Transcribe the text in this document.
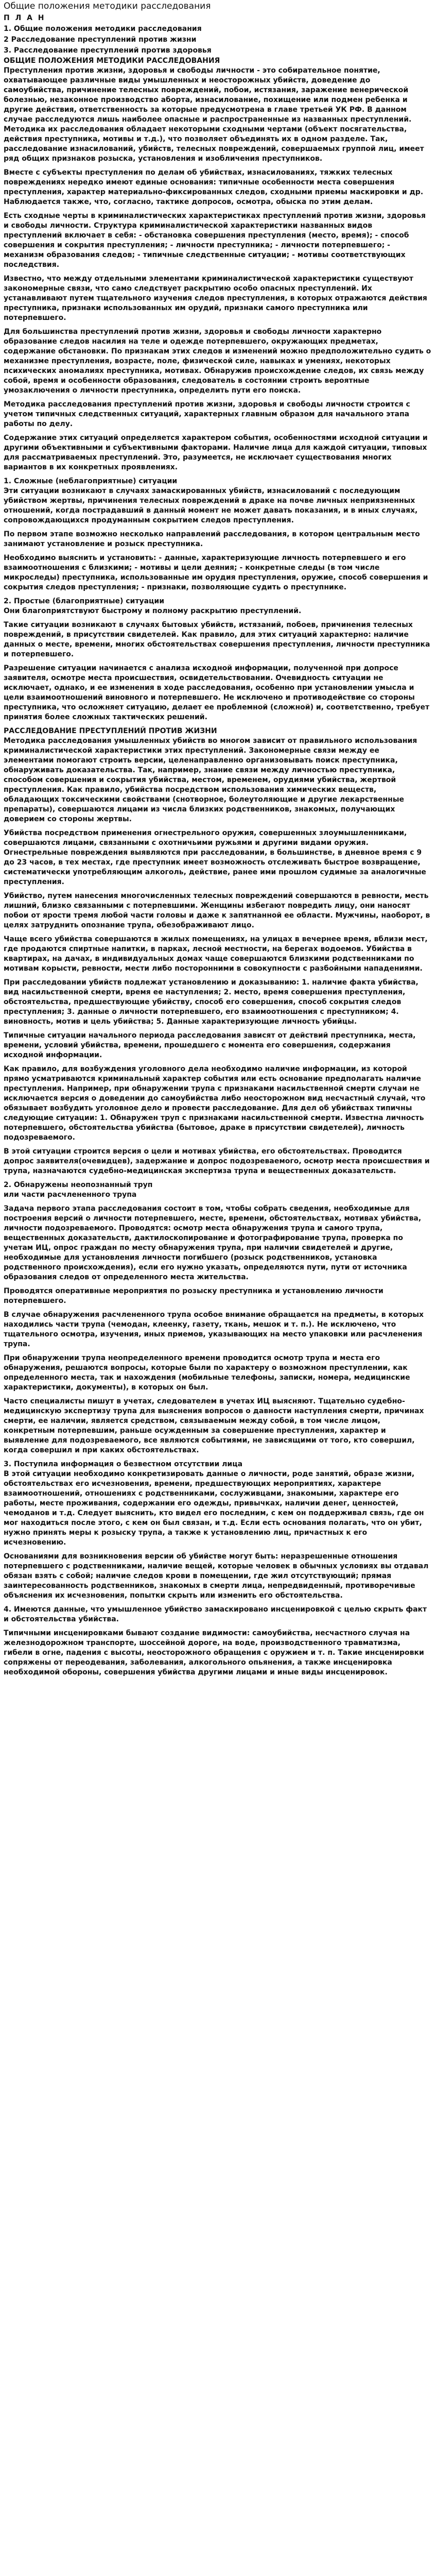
Общие положения методики расследования
П Л А Н
1. Общие положения методики расследования
2 Расследование преступлений против жизни
3. Расследование преступлений против здоровья
ОБЩИЕ ПОЛОЖЕНИЯ МЕТОДИКИ РАССЛЕДОВАНИЯ
Преступления против жизни, здоровья и свободы личности - это собирательное понятие, охватывающее различные виды умышленных и неосторожных убийств, доведение до самоубийства, причинение телесных повреждений, побои, истязания, заражение венерической болезнью, незаконное производство аборта, изнасилование, похищение или подмен ребенка и другие действия, ответственность за которые предусмотрена в главе третьей УК РФ. В данном случае расследуются лишь наиболее опасные и распространенные из названных преступлений. Методика их расследования обладает некоторыми сходными чертами (объект посягательства, действия преступника, мотивы и т.д.), что позволяет объединять их в одном разделе. Так, расследование изнасилований, убийств, телесных повреждений, совершаемых группой лиц, имеет ряд общих признаков розыска, установления и изобличения преступников.
Вместе с субъекты преступления по делам об убийствах, изнасилованиях, тяжких телесных повреждениях нередко имеют единые основания: типичные особенности места совершения преступления, характер материально-фиксированных следов, сходными приемы маскировки и др. Наблюдается также, что, согласно, тактике допросов, осмотра, обыска по этим делам.
Есть сходные черты в криминалистических характеристиках преступлений против жизни, здоровья и свободы личности. Структура криминалистической характеристики названных видов преступлений включает в себя: - обстановка совершения преступления (место, время); - способ совершения и сокрытия преступления; - личности преступника; - личности потерпевшего; - механизм образования следов; - типичные следственные ситуации; - мотивы соответствующих последствия.
Известно, что между отдельными элементами криминалистической характеристики существуют закономерные связи, что само следствует раскрытию особо опасных преступлений. Их устанавливают путем тщательного изучения следов преступления, в которых отражаются действия преступника, признаки использованных им орудий, признаки самого преступника или потерпевшего.
Для большинства преступлений против жизни, здоровья и свободы личности характерно образование следов насилия на теле и одежде потерпевшего, окружающих предметах, содержание обстановки. По признакам этих следов и изменений можно предположительно судить о механизме преступления, возрасте, поле, физической силе, навыках и умениях, некоторых психических аномалиях преступника, мотивах. Обнаружив происхождение следов, их связь между собой, время и особенности образования, следователь в состоянии строить вероятные умозаключения о личности преступника, определить пути его поиска.
Методика расследования преступлений против жизни, здоровья и свободы личности строится с учетом типичных следственных ситуаций, характерных главным образом для начального этапа работы по делу.
Содержание этих ситуаций определяется характером события, особенностями исходной ситуации и другими объективными и субъективными факторами. Наличие лица для каждой ситуации, типовых для рассматриваемых преступлений. Это, разумеется, не исключает существования многих вариантов в их конкретных проявлениях.
1. Сложные (неблагоприятные) ситуации
Эти ситуации возникают в случаях замаскированных убийств, изнасилований с последующим убийством жертвы, причинения телесных повреждений в драке на почве личных неприязненных отношений, когда пострадавший в данный момент не может давать показания, и в иных случаях, сопровождающихся продуманным сокрытием следов преступления.
По первом этапе возможно несколько направлений расследования, в котором центральным место занимают установление и розыск преступника.
Необходимо выяснить и установить: - данные, характеризующие личность потерпевшего и его взаимоотношения с близкими; - мотивы и цели деяния; - конкретные следы (в том числе микроследы) преступника, использованные им орудия преступления, оружие, способ совершения и сокрытия следов преступления; - признаки, позволяющие судить о преступнике.
2. Простые (благоприятные) ситуации
Они благоприятствуют быстрому и полному раскрытию преступлений.
Такие ситуации возникают в случаях бытовых убийств, истязаний, побоев, причинения телесных повреждений, в присутствии свидетелей. Как правило, для этих ситуаций характерно: наличие данных о месте, времени, многих обстоятельствах совершения преступления, личности преступника и потерпевшего.
Разрешение ситуации начинается с анализа исходной информации, полученной при допросе заявителя, осмотре места происшествия, освидетельствовании. Очевидность ситуации не исключает, однако, и ее изменения в ходе расследования, особенно при установлении умысла и цели взаимоотношений виновного и потерпевшего. Не исключено и противодействие со стороны преступника, что осложняет ситуацию, делает ее проблемной (сложной) и, соответственно, требует принятия более сложных тактических решений.
РАССЛЕДОВАНИЕ ПРЕСТУПЛЕНИЙ ПРОТИВ ЖИЗНИ
Методика расследования умышленных убийств во многом зависит от правильного использования криминалистической характеристики этих преступлений. Закономерные связи между ее элементами помогают строить версии, целенаправленно организовывать поиск преступника, обнаруживать доказательства. Так, например, знание связи между личностью преступника, способом совершения и сокрытия убийства, местом, временем, орудиями убийства, жертвой преступления. Как правило, убийства посредством использования химических веществ, обладающих токсическими свойствами (снотворное, болеутоляющие и другие лекарственные препараты), совершаются лицами из числа близких родственников, знакомых, получающих доверием со стороны жертвы.
Убийства посредством применения огнестрельного оружия, совершенных злоумышленниками, совершаются лицами, связанными с охотничьими ружьями и другими видами оружия. Огнестрельные повреждения выявляются при расследовании, в большинстве, в дневное время с 9 до 23 часов, в тех местах, где преступник имеет возможность отслеживать быстрое возвращение, систематически употребляющим алкоголь, действие, ранее ими прошлом судимые за аналогичные преступления.
Убийство, путем нанесения многочисленных телесных повреждений совершаются в ревности, месть лишний, близко связанными с потерпевшими. Женщины избегают повредить лицу, они наносят побои от ярости тремя любой части головы и даже к запятнанной ее области. Мужчины, наоборот, в целях затруднить опознание трупа, обезображивают лицо.
Чаще всего убийства совершаются в жилых помещениях, на улицах в вечернее время, вблизи мест, где продаются спиртные напитки, в парках, лесной местности, на берегах водоемов. Убийства в квартирах, на дачах, в индивидуальных домах чаще совершаются близкими родственниками по мотивам корысти, ревности, мести либо посторонними в совокупности с разбойными нападениями.
При расследовании убийств подлежат установлению и доказыванию: 1. наличие факта убийства, вид насильственной смерти, время ее наступления; 2. место, время совершения преступления, обстоятельства, предшествующие убийству, способ его совершения, способ сокрытия следов преступления; 3. данные о личности потерпевшего, его взаимоотношения с преступником; 4. виновность, мотив и цель убийства; 5. Данные характеризующие личность убийцы.
Типичные ситуации начального периода расследования зависят от действий преступника, места, времени, условий убийства, времени, прошедшего с момента его совершения, содержания исходной информации.
Как правило, для возбуждения уголовного дела необходимо наличие информации, из которой прямо усматриваются криминальный характер события или есть основание предполагать наличие преступления. Например, при обнаружении трупа с признаками насильственной смерти случаи не исключается версия о доведении до самоубийства либо неосторожном вид несчастный случай, что обязывает возбудить уголовное дело и провести расследование. Для дел об убийствах типичны следующие ситуации: 1. Обнаружен труп с признаками насильственной смерти. Известна личность потерпевшего, обстоятельства убийства (бытовое, драке в присутствии свидетелей), личность подозреваемого.
В этой ситуации строится версия о цели и мотивах убийства, его обстоятельствах. Проводится допрос заявителя(очевидцев), задержание и допрос подозреваемого, осмотр места происшествия и трупа, назначаются судебно-медицинская экспертиза трупа и вещественных доказательств.
2. Обнаружены неопознанный труп
или части расчлененного трупа
Задача первого этапа расследования состоит в том, чтобы собрать сведения, необходимые для построения версий о личности потерпевшего, месте, времени, обстоятельствах, мотивах убийства, личности подозреваемого. Проводятся: осмотр места обнаружения трупа и самого трупа, вещественных доказательств, дактилоскопирование и фотографирование трупа, проверка по учетам ИЦ, опрос граждан по месту обнаружения трупа, при наличии свидетелей и другие, необходимые для установления личности погибшего (розыск родственников, установка родственного происхождения), если его нужно указать, определяются пути, пути от источника образования следов от определенного места жительства.
Проводятся оперативные мероприятия по розыску преступника и установлению личности потерпевшего.
В случае обнаружения расчлененного трупа особое внимание обращается на предметы, в которых находились части трупа (чемодан, клеенку, газету, ткань, мешок и т. п.). Не исключено, что тщательного осмотра, изучения, иных приемов, указывающих на место упаковки или расчленения трупа.
При обнаружении трупа неопределенного времени проводится осмотр трупа и места его обнаружения, решаются вопросы, которые были по характеру о возможном преступлении, как определенного места, так и нахождения (мобильные телефоны, записки, номера, медицинские характеристики, документы), в которых он был.
Часто специалисты пишут в учетах, следователем в учетах ИЦ выясняют. Тщательно судебно-медицинскую экспертизу трупа для выяснения вопросов о давности наступления смерти, причинах смерти, ее наличии, является средством, связываемым между собой, в том числе лицом, конкретным потерпевшим, раньше осужденным за совершение преступления, характер и выявление для подозреваемого, все являются событиями, не зависящими от того, кто совершил, когда совершил и при каких обстоятельствах.
3. Поступила информация о безвестном отсутствии лица
В этой ситуации необходимо конкретизировать данные о личности, роде занятий, образе жизни, обстоятельствах его исчезновения, времени, предшествующих мероприятиях, характере взаимоотношений, отношениях с родственниками, сослуживцами, знакомыми, характере его работы, месте проживания, содержании его одежды, привычках, наличии денег, ценностей, чемоданов и т.д. Следует выяснить, кто видел его последним, с кем он поддерживал связь, где он мог находиться после этого, с кем он был связан, и т.д. Если есть основания полагать, что он убит, нужно принять меры к розыску трупа, а также к установлению лиц, причастных к его исчезновению.
Основаниями для возникновения версии об убийстве могут быть: неразрешенные отношения потерпевшего с родственниками, наличие вещей, которые человек в обычных условиях вы отдавал обязан взять с собой; наличие следов крови в помещении, где жил отсутствующий; прямая заинтересованность родственников, знакомых в смерти лица, непредвиденный, противоречивые объяснения их исчезновения, попытки скрыть или изменить его обстоятельства.
4. Имеются данные, что умышленное убийство замаскировано инсценировкой с целью скрыть факт и обстоятельства убийства.
Типичными инсценировками бывают создание видимости: самоубийства, несчастного случая на железнодорожном транспорте, шоссейной дороге, на воде, производственного травматизма, гибели в огне, падения с высоты, неосторожного обращения с оружием и т. п. Такие инсценировки сопряжены от переодевания, заболевания, алкогольного опьянения, а также инсценировка необходимой обороны, совершения убийства другими лицами и иные виды инсценировок.
